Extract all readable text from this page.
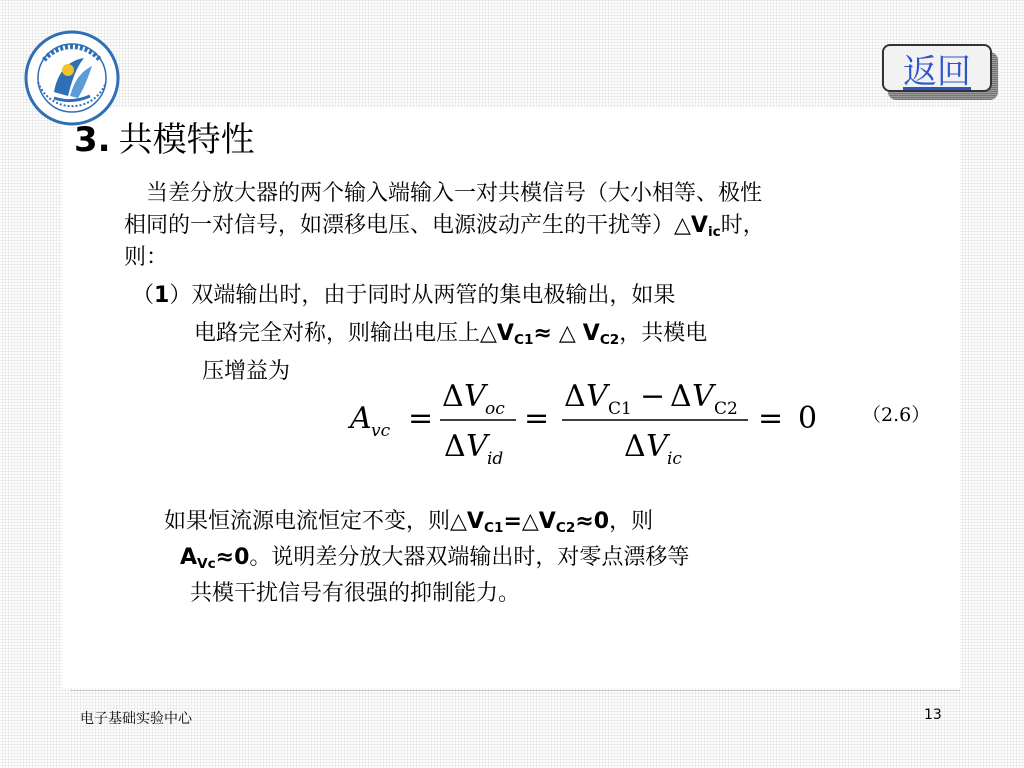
返回
3. 共模特性
当差分放大器的两个输入端输入一对共模信号（大小相等、极性
相同的一对信号，如漂移电压、电源波动产生的干扰等）$\triangle V_{ic}$时，
则：
（1）双端输出时，由于同时从两管的集电极输出，如果
电路完全对称，则输出电压上$\triangle V_{C1}\approx$ △ $V_{C2}$，共模电
压增益为
A vc =
Δ V oc
Δ V id
=
Δ V C1 − Δ V C2
Δ V ic
= 0 （2.6）
如果恒流源电流恒定不变，则$\triangle V_{C1}=\triangle V_{C2}\approx 0$，则
$A_{Vc}\approx 0$。说明差分放大器双端输出时，对零点漂移等
共模干扰信号有很强的抑制能力。
电子基础实验中心	13
